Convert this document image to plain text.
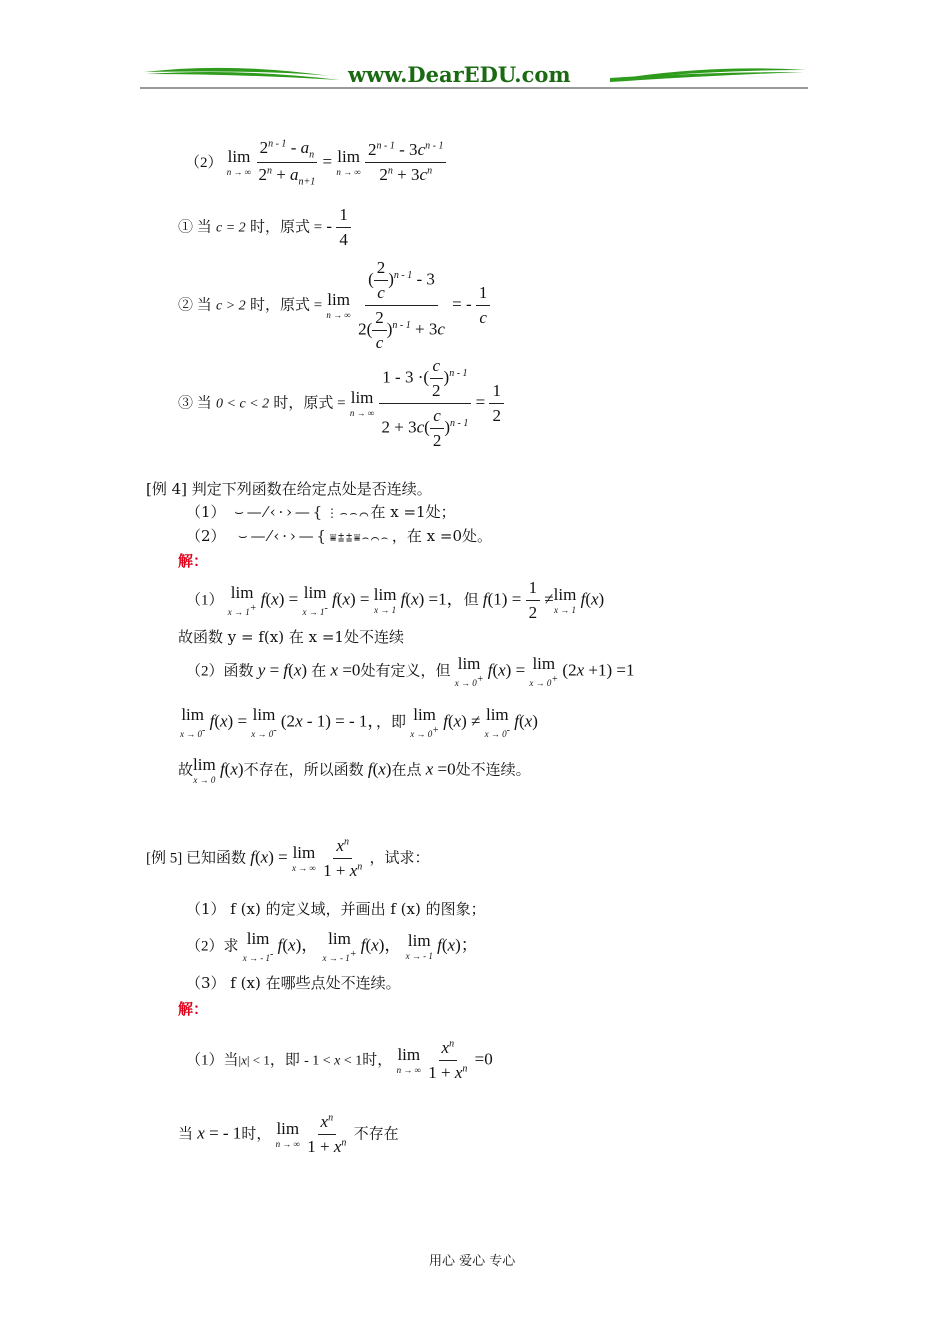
www.DearEDU.com
（2） lim
n → ∞
$\frac{2^{n - 1} - a_n}{2^n + a_{n+1}} = \lim$
n → ∞
$\frac{2^{n - 1} - 3c^{n - 1}}{2^n + 3c^n}$
① 当 c = 2 时，原式 = - $\frac{1}{4}$
② 当 c > 2 时，原式 = lim
n → ∞
$\frac{( \frac{2}{c} )^{n - 1} - 3}{2( \frac{2}{c} )^{n - 1} + 3c}$ = - $\frac{1}{c}$
③ 当 0 < c < 2 时，原式 = lim
n → ∞
$\frac{1 - 3 \cdot( \frac{c}{2} )^{n - 1}}{2 + 3c( \frac{c}{2} )^{n - 1}} = \frac{1}{2}$
[例 4] 判定下列函数在给定点处是否连续。
（1）  ⌣ — ⁄ ‹ · › — { ⋮ ⌢ ⌢ ⌒ 在 x =1处；
（2）   ⌣ — ⁄ ‹ · › — { ⩸ ⩲ ⩲ ⩸ ⌢ ⌒ ⌢ ，在 x =0处。
解：
（1） lim
x → 1+
f(x) = lim
x → 1-
f(x) = lim
x → 1
f(x) =1，但 $f(1) = \frac{1}{2} \ne \lim$
x → 1
f(x)
故函数 y = f(x) 在 x =1处不连续
（2）函数 y = f(x) 在 x =0处有定义，但 lim
x → 0+
f(x) = lim
x → 0+
(2x +1) =1
lim
x → 0-
f(x) = lim
x → 0-
(2x - 1) = - 1，，即 lim
x → 0+
f(x) ≠ lim
x → 0-
f(x)
故 lim
x → 0
f(x)不存在，所以函数 f(x)在点 x =0处不连续。
[例 5] 已知函数 f(x) = lim
x → ∞
$\frac{x^n}{1 + x^n}$ ，试求：
（1） f (x) 的定义域，并画出 f (x) 的图象；
（2）求 lim
x → - 1-
f(x)， lim
x → - 1+
f(x)， lim
x → - 1
f(x)；
（3） f (x) 在哪些点处不连续。
解：
（1）当|x| < 1，即 - 1 < x < 1时， lim
n → ∞
$\frac{x^n}{1 + x^n} =0$
当 x = - 1时， lim
n → ∞
$\frac{x^n}{1 + x^n}$ 不存在
用心 爱心 专心
